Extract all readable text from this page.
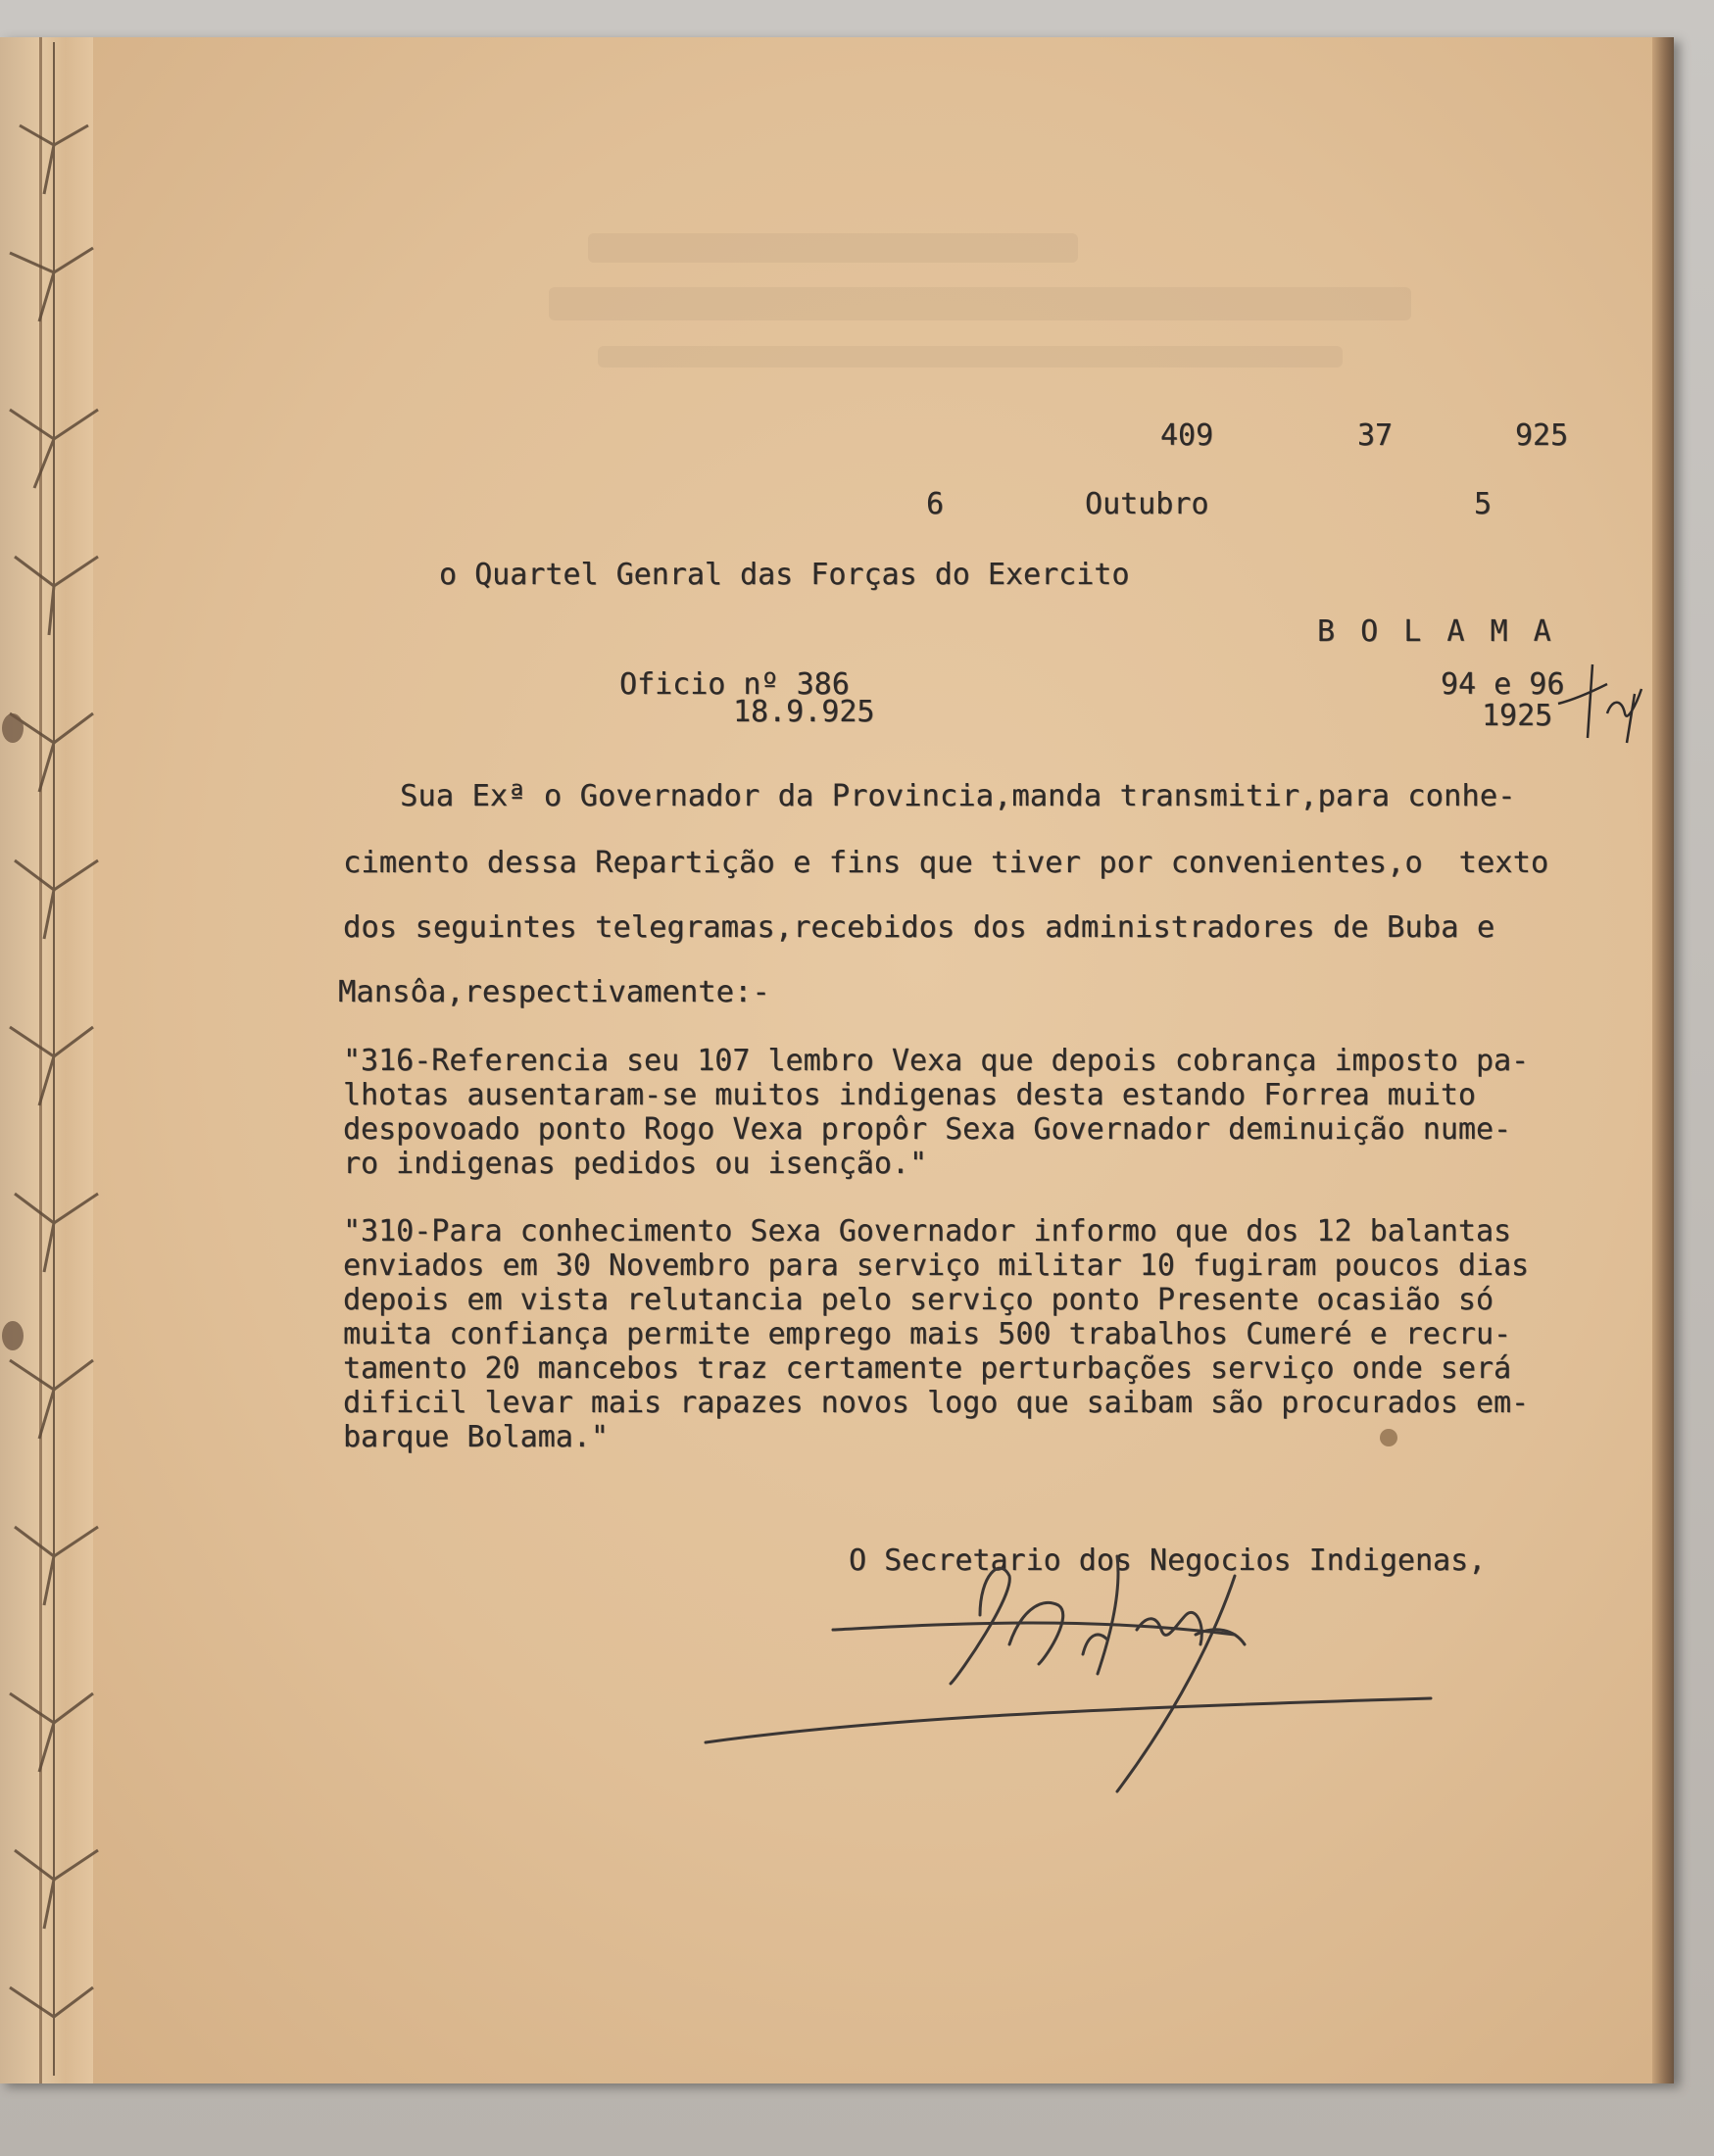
409	37	925
6	Outubro	5
o Quartel Genral das Forças do Exercito
B O L A M A
Oficio nº 386
18.9.925
94 e 96
1925
Sua Exª o Governador da Provincia,manda transmitir,para conhe-
cimento dessa Repartição e fins que tiver por convenientes,o  texto
dos seguintes telegramas,recebidos dos administradores de Buba e
Mansôa,respectivamente:-
"316-Referencia seu 107 lembro Vexa que depois cobrança imposto pa-
lhotas ausentaram-se muitos indigenas desta estando Forrea muito
despovoado ponto Rogo Vexa propôr Sexa Governador deminuição nume-
ro indigenas pedidos ou isenção."
"310-Para conhecimento Sexa Governador informo que dos 12 balantas
enviados em 30 Novembro para serviço militar 10 fugiram poucos dias
depois em vista relutancia pelo serviço ponto Presente ocasião só
muita confiança permite emprego mais 500 trabalhos Cumeré e recru-
tamento 20 mancebos traz certamente perturbações serviço onde será
dificil levar mais rapazes novos logo que saibam são procurados em-
barque Bolama."
O Secretario dos Negocios Indigenas,
